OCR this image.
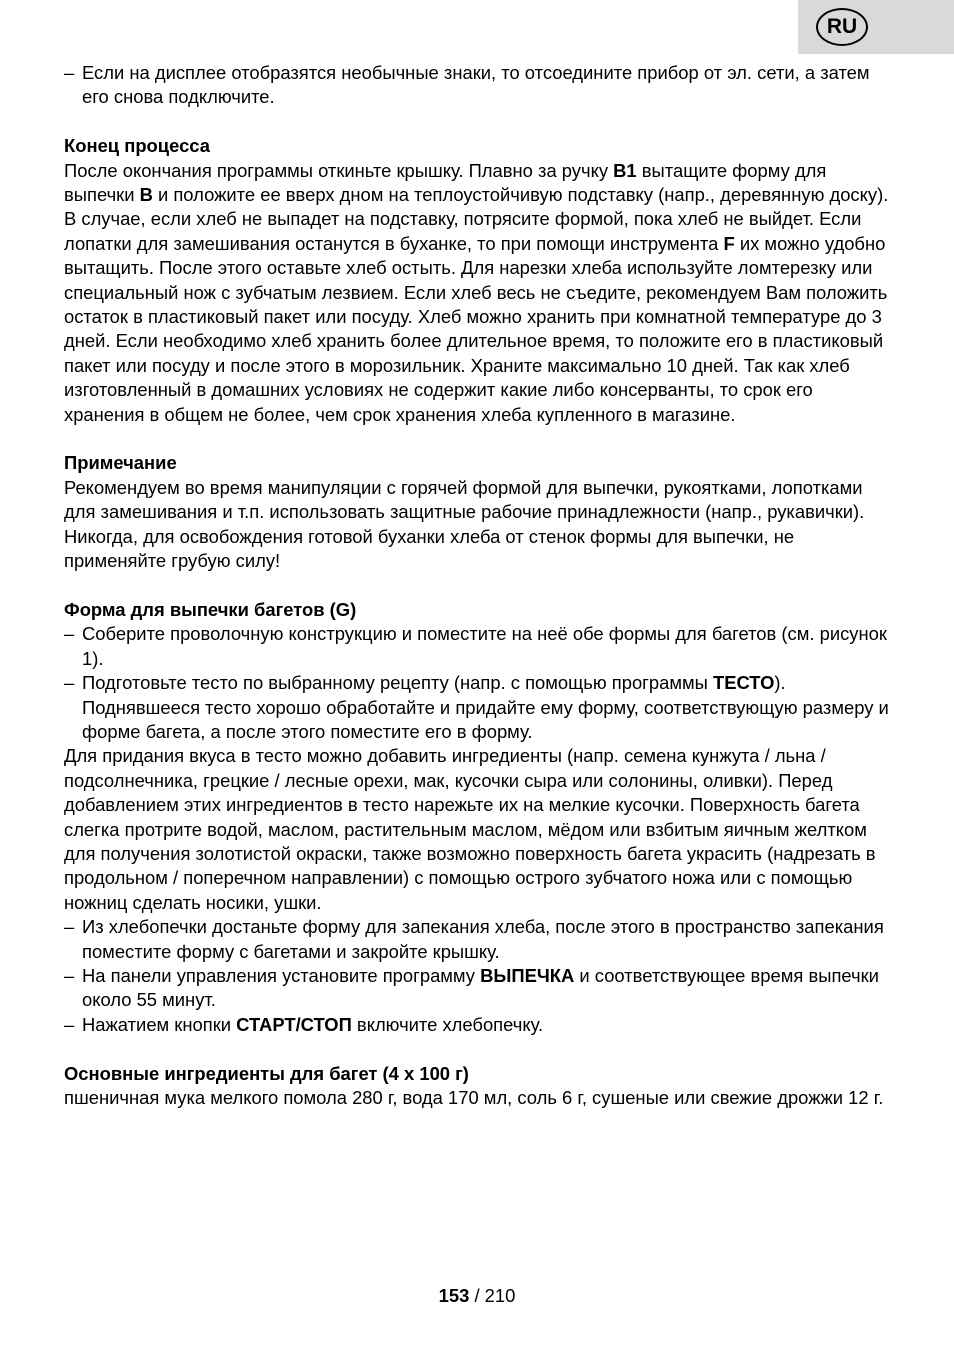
RU

– Если на дисплее отобразятся необычные знаки, то отсоедините прибор от эл. сети, а затем его снова подключите.

Конец процесса

После окончания программы откиньте крышку. Плавно за ручку B1 вытащите форму для выпечки B и положите ее вверх дном на теплоустойчивую подставку (напр., деревянную доску). В случае, если хлеб не выпадет на подставку, потрясите формой, пока хлеб не выйдет. Если лопатки для замешивания останутся в буханке, то при помощи инструмента F их можно удобно вытащить. После этого оставьте хлеб остыть. Для нарезки хлеба используйте ломтерезку или специальный нож с зубчатым лезвием. Если хлеб весь не съедите, рекомендуем Вам положить остаток в пластиковый пакет или посуду. Хлеб можно хранить при комнатной температуре до 3 дней. Если необходимо хлеб хранить более длительное время, то положите его в пластиковый пакет или посуду и после этого в морозильник. Храните максимально 10 дней. Так как хлеб изготовленный в домашних условиях не содержит какие либо консерванты, то срок его хранения в общем не более, чем срок хранения хлеба купленного в магазине.

Примечание

Рекомендуем во время манипуляции с горячей формой для выпечки, рукоятками, лопотками для замешивания и т.п. использовать защитные рабочие принадлежности (напр., рукавички). Никогда, для освобождения готовой буханки хлеба от стенок формы для выпечки, не применяйте грубую силу!

Форма для выпечки багетов (G)

– Соберите проволочную конструкцию и поместите на неё обе формы для багетов (см. рисунок 1).

– Подготовьте тесто по выбранному рецепту (напр. с помощью программы ТЕСТО). Поднявшееся тесто хорошо обработайте и придайте ему форму, соответствующую размеру и форме багета, а после этого поместите его в форму.

Для придания вкуса в тесто можно добавить ингредиенты (напр. семена кунжута / льна / подсолнечника, грецкие / лесные орехи, мак, кусочки сыра или солонины, оливки). Перед добавлением этих ингредиентов в тесто нарежьте их на мелкие кусочки. Поверхность багета слегка протрите водой, маслом, растительным маслом, мёдом или взбитым яичным желтком для получения золотистой окраски, также возможно поверхность багета украсить (надрезать в продольном / поперечном направлении) с помощью острого зубчатого ножа или с помощью ножниц сделать носики, ушки.

– Из хлебопечки достаньте форму для запекания хлеба, после этого в пространство запекания поместите форму с багетами и закройте крышку.

– На панели управления установите программу ВЫПЕЧКА и соответствующее время выпечки около 55 минут.

– Нажатием кнопки СТАРТ/СТОП включите хлебопечку.

Основные ингредиенты для багет (4 х 100 г)

пшеничная мука мелкого помола 280 г, вода 170 мл, соль 6 г, сушеные или свежие дрожжи 12 г.

153 / 210
